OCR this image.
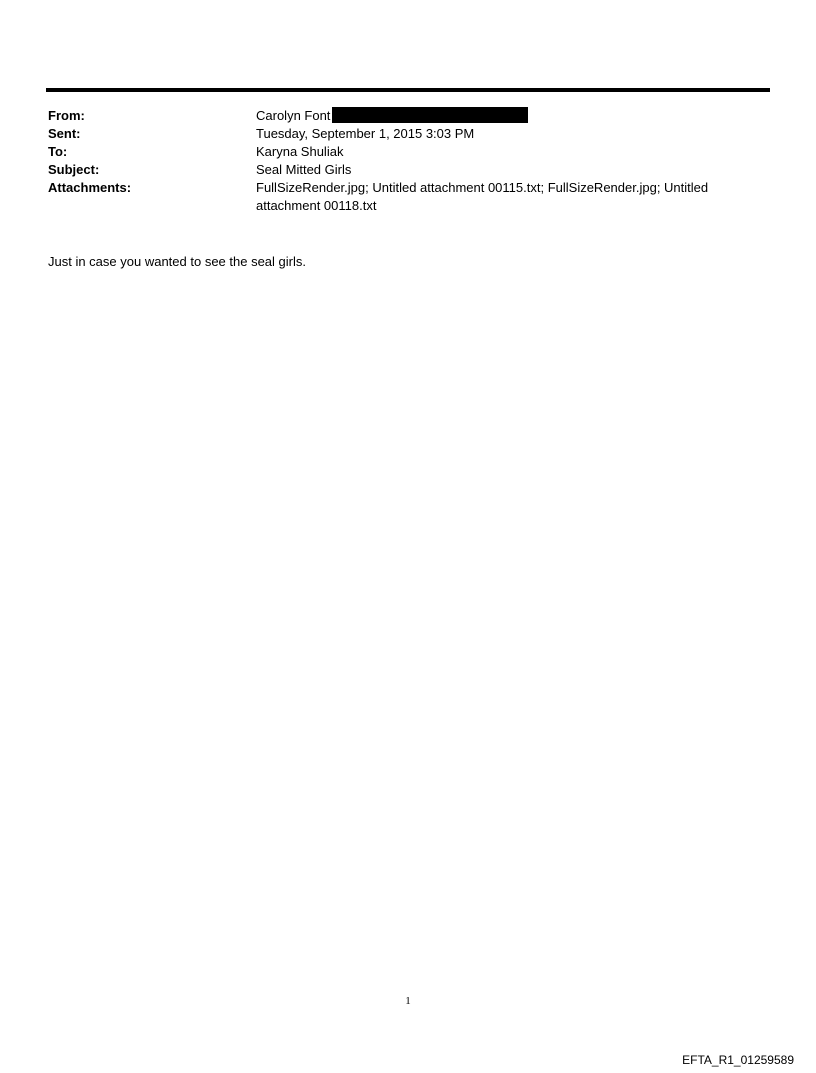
From:	Carolyn Font
Sent:	Tuesday, September 1, 2015 3:03 PM
To:	Karyna Shuliak
Subject:	Seal Mitted Girls
Attachments:	FullSizeRender.jpg; Untitled attachment 00115.txt; FullSizeRender.jpg; Untitled attachment 00118.txt
Just in case you wanted to see the seal girls.
1
EFTA_R1_01259589
